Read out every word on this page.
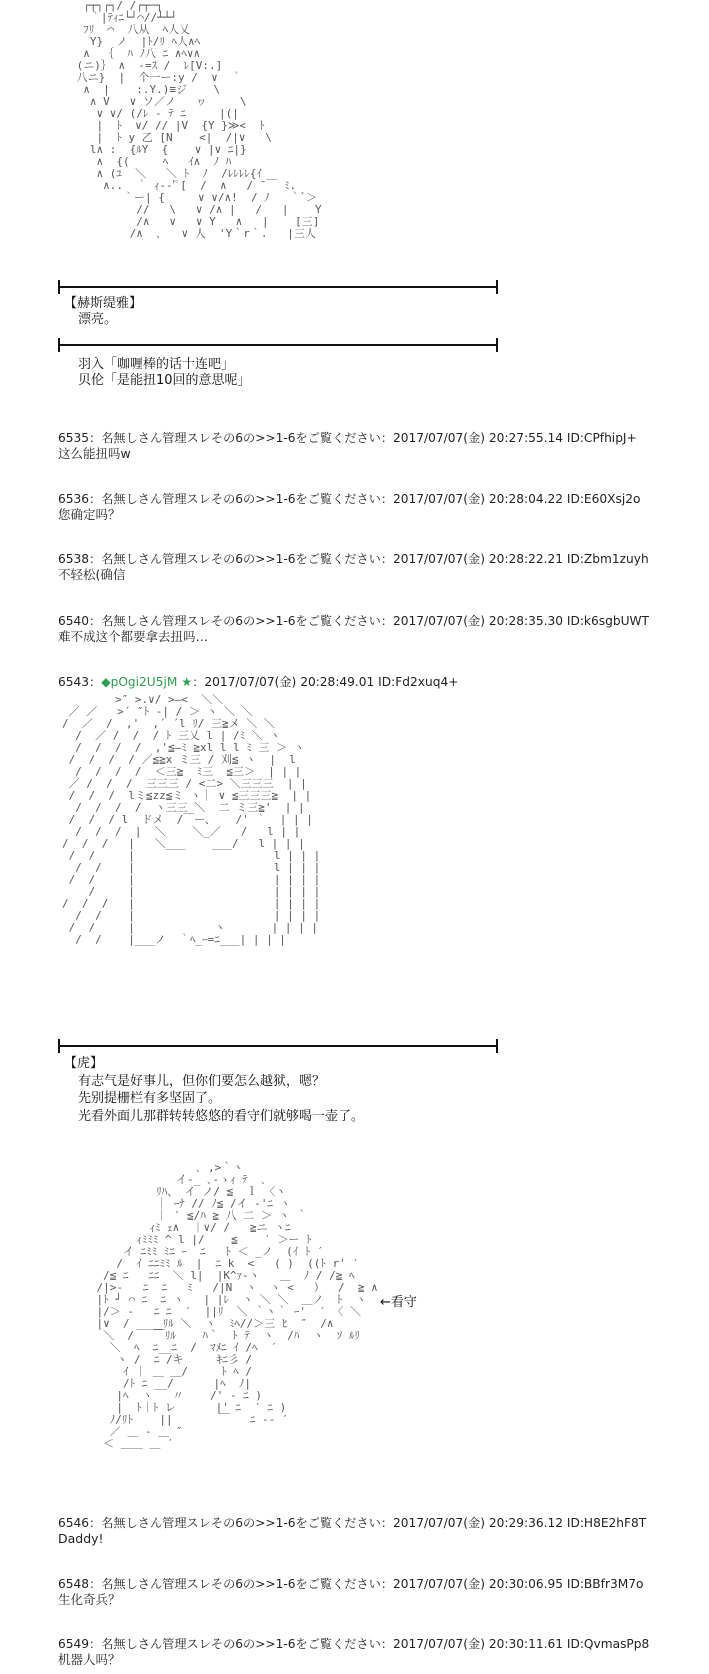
┌┬┐┌┐/ /┌┬─┐
｀|ﾃｨﾆ└┘⌒//┴┴┘
ﾌﾘ  ⌒  八从  ﾍ人乂
Y}  ノ  |ﾄ/ﾘ ﾍ人∧ﾍ
∧  ｛  ﾊ ﾉ八 ﾆ ∧ﾍ∨∧
(ニ)｝ ∧  -=ｽ /  ﾚ[V:.]
八ニ}  |  个一ー:y /  ∨  ｀
∧  |    :.Y.)≡ジ    \
∧ V   ∨ ソ／ノ   ヮ     \
∨ ∨/ (/ﾚ - ﾃ ﾆ     |(|
|  ﾄ  ∨/ // |V  {Y }≫<  ﾄ
|  ﾄ y 乙 [N    <|  /|∨   \
l∧ :  {ﾙY  {    ∨ |∨ ﾆ|}
∧  {(     ﾍ   ｲ∧  ﾉ ﾊ
∧ (ﾕ  ＼   ＼ ﾄ  ﾉ  /ﾚﾚﾚﾚ{ｲ
∧..  ｀ ｨ--'ﾟ[  /  ∧   / ̄ ￣ ﾐ.
｀ー| {     ∨ ∨/∧!  / ﾉ   ｀ﾞ＞
//   \   ∨ /∧ |   /   |    Y
/∧   ∨   ∨ Y   ∧   |    [三]
/∧  ､   ∨ 人  'Y｀r｀.   |三人
【赫斯缇雅】
漂亮。
羽入「咖喱棒的话十连吧」
贝伦「是能扭10回的意思呢」
6535：名無しさん管理スレその6の>>1-6をご覧ください：2017/07/07(金) 20:27:55.14 ID:CPfhipJ+
这么能扭吗w
6536：名無しさん管理スレその6の>>1-6をご覧ください：2017/07/07(金) 20:28:04.22 ID:E60Xsj2o
您确定吗？
6538：名無しさん管理スレその6の>>1-6をご覧ください：2017/07/07(金) 20:28:22.21 ID:Zbm1zuyh
不轻松(确信
6540：名無しさん管理スレその6の>>1-6をご覧ください：2017/07/07(金) 20:28:35.30 ID:k6sgbUWT
难不成这个都要拿去扭吗…
6543：◆pOgi2U5jM ★：2017/07/07(金) 20:28:49.01 ID:Fd2xuq4+
>″ >.∨/ >―<  ＼＼
／ ／   >´ ″ﾄ ‐| / ＞ ヽ ＼ ＼
/  ／  /  ,'  ,´ ´l ﾘ/ 三≧メ ＼ ＼
/  ／ /  /  / ﾄ 三乂 l | /ﾐ ＼ ヽ
/  /  /  /  ,'≦―ﾐ ≧xl l l ﾐ 三 ＞ ヽ
/  /  /  / ／≦≧x ミ三 / 刈≦ ヽ  |  l
/  /  /  /  ＜三≧  ﾐ三  ≦三＞  | | |
／ /  /  /  三三三 / <二> ＼三三三  | |
/  /  /  lミ≦zz≦ミ ヽ｜ ∨ ≦三三三≧  | |
/  /  /  /  ヽ三三 ＼  二 ミ三≧'  | |
/  /  / l  ドメ  /￣ー、   /' ｀  | | |
/  /  /  |  ＼    ＼_／   /   l | |
/  /  /   |   ＼___    ___/   l | | |
/  /     |                     l | | |
/  /    |                     l | | |
/  /     |                     | | | |
/     |                     | | | |
/  /  /   |                     | | | |
/  /    |                     | | | |
/  /     |            ヽ       | | | |
/  /    |___ノ  ｀ﾍ_ｰ=ﾆ___| | | |
【虎】
有志气是好事儿，但你们要怎么越狱，嗯？
先别提栅栏有多坚固了。
光看外面儿那群转转悠悠的看守们就够喝一壶了。
､ ,>｀ヽ
イ‐_ ､‐ゝｨ ﾃ  ､
ﾘﾊ、 イ ノ/ ≦  ｌ 〈ヽ
｜ ｰﾅ // ﾉ≦ /イ ‐'ﾆ ヽ
｜ ′ ≦/ﾊ ≧ 八 二 ＞ ヽ ｀
ｨﾐ ｪ∧  ｜∨/ /   ≧ニ ヽﾆ
ｨﾐﾐﾐ ^ l |/    ≦    ′ ＞ー ﾄ
イ ﾆﾐﾐ ﾐﾆ ｰ  ﾆ   ﾄ ＜ _ノ  (ｲ ﾄ ′
/  ｲ ﾆﾆﾐﾐ ﾙ  |  ﾆ k  <   ( )  ((ﾄ r' ′
/≦ ﾆ   ﾆﾆ  ＼ l|  |K^ｧ-ヽ   ＿  ﾉ / /≧ ﾍ
/|>-   ﾆ  ﾆ   ﾐ   /|N  ヽ  ヽ <   ）  /  ≧ ∧
|ﾄ ┘ ⌒ ﾆ  ﾆ ヽ   | |ﾚ  ヽ ＼ ＼  ＿ノ  ﾄ  ヽ
|/＞ ‐   ﾆ ﾆ  ′  ||ﾘ  ＼ ｀ヽ｀ ｰ'  ′ 〈 ＼
|∨  / ____ﾘﾙ ＼  ヽ  ﾐﾍ//＞三 ﾋ  ″  /∧
＼  /   ￣ﾘﾙ    ﾊ｀  ﾄ ﾃ  ヽ  /ﾊ  ヽ  ｿ ﾙﾘ
＼  ﾍ  ﾆ__ﾆ  /  ﾏﾒﾆ ｲ /ﾍ  ′
ヽ /  ﾆ /キ     ｷﾆ彡 /
ｲ ｜ ＿ ＿/     ﾄ ﾍ /
/ﾄ ﾆ __/      |ﾍ  ﾉ|
|ﾍ  ヽ   〃    /' ‐ ﾆ )
|  ﾄ｜ﾄ レ      |' ﾆ  ′ ﾆ )
ﾉ/ﾘﾄ    ||       ￣   ﾆ -- ′
／ ＿ ‐ ＿ ″
＜ ＿＿ ＿ ′
←看守
6546：名無しさん管理スレその6の>>1-6をご覧ください：2017/07/07(金) 20:29:36.12 ID:H8E2hF8T
Daddy!
6548：名無しさん管理スレその6の>>1-6をご覧ください：2017/07/07(金) 20:30:06.95 ID:BBfr3M7o
生化奇兵？
6549：名無しさん管理スレその6の>>1-6をご覧ください：2017/07/07(金) 20:30:11.61 ID:QvmasPp8
机器人吗？
